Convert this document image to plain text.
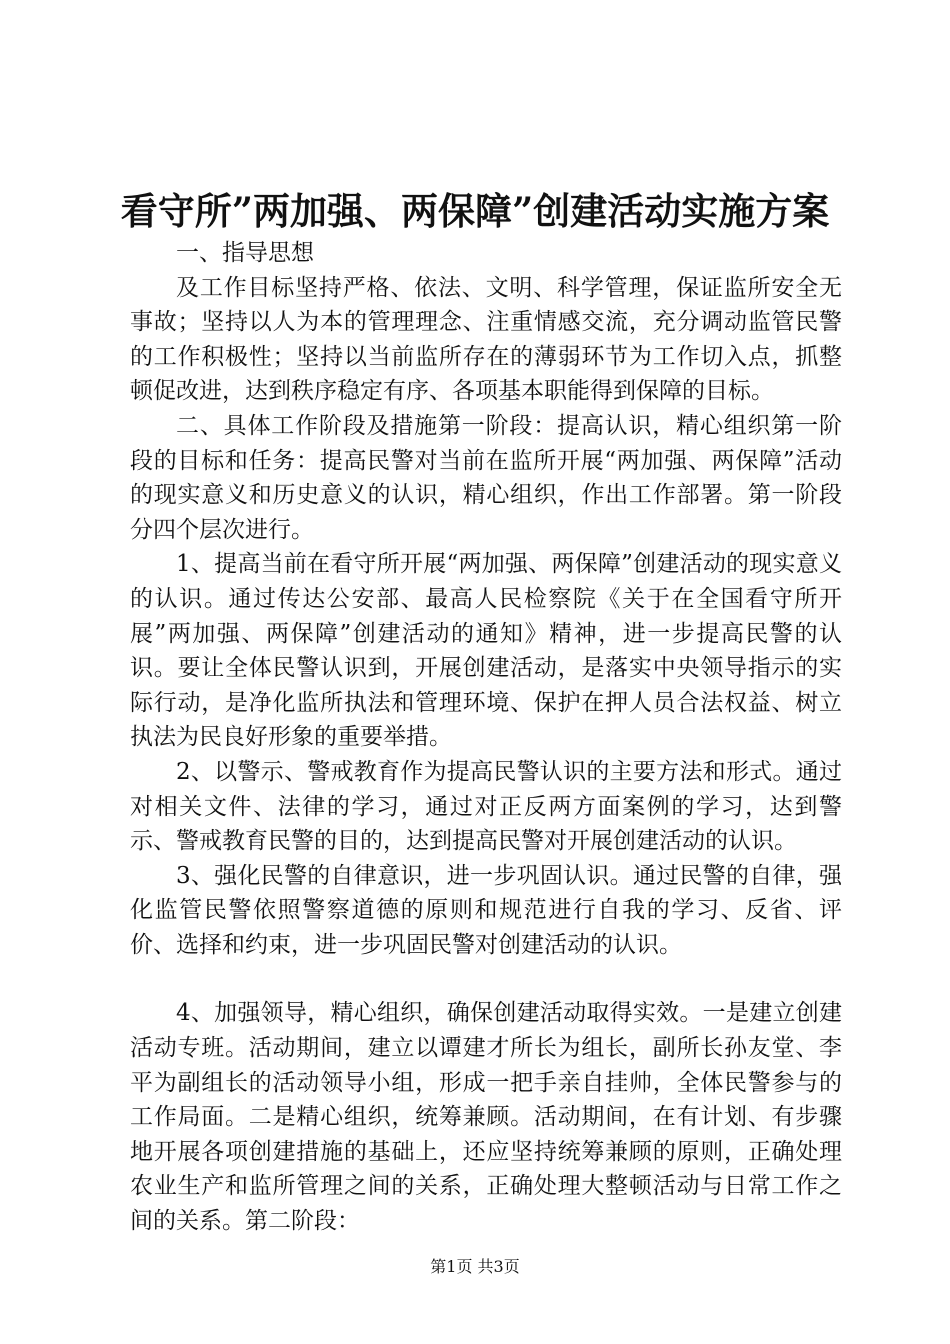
看守所”两加强、两保障”创建活动实施方案

一、指导思想

及工作目标坚持严格、依法、文明、科学管理，保证监所安全无事故；坚持以人为本的管理理念、注重情感交流，充分调动监管民警的工作积极性；坚持以当前监所存在的薄弱环节为工作切入点，抓整顿促改进，达到秩序稳定有序、各项基本职能得到保障的目标。

二、具体工作阶段及措施第一阶段：提高认识，精心组织第一阶段的目标和任务：提高民警对当前在监所开展“两加强、两保障”活动的现实意义和历史意义的认识，精心组织，作出工作部署。第一阶段分四个层次进行。

1、提高当前在看守所开展“两加强、两保障”创建活动的现实意义的认识。通过传达公安部、最高人民检察院《关于在全国看守所开展”两加强、两保障”创建活动的通知》精神，进一步提高民警的认识。要让全体民警认识到，开展创建活动，是落实中央领导指示的实际行动，是净化监所执法和管理环境、保护在押人员合法权益、树立执法为民良好形象的重要举措。

2、以警示、警戒教育作为提高民警认识的主要方法和形式。通过对相关文件、法律的学习，通过对正反两方面案例的学习，达到警示、警戒教育民警的目的，达到提高民警对开展创建活动的认识。

3、强化民警的自律意识，进一步巩固认识。通过民警的自律，强化监管民警依照警察道德的原则和规范进行自我的学习、反省、评价、选择和约束，进一步巩固民警对创建活动的认识。

4、加强领导，精心组织，确保创建活动取得实效。一是建立创建活动专班。活动期间，建立以谭建才所长为组长，副所长孙友堂、李平为副组长的活动领导小组，形成一把手亲自挂帅，全体民警参与的工作局面。二是精心组织，统筹兼顾。活动期间，在有计划、有步骤地开展各项创建措施的基础上，还应坚持统筹兼顾的原则，正确处理农业生产和监所管理之间的关系，正确处理大整顿活动与日常工作之间的关系。第二阶段：

第1页 共3页
